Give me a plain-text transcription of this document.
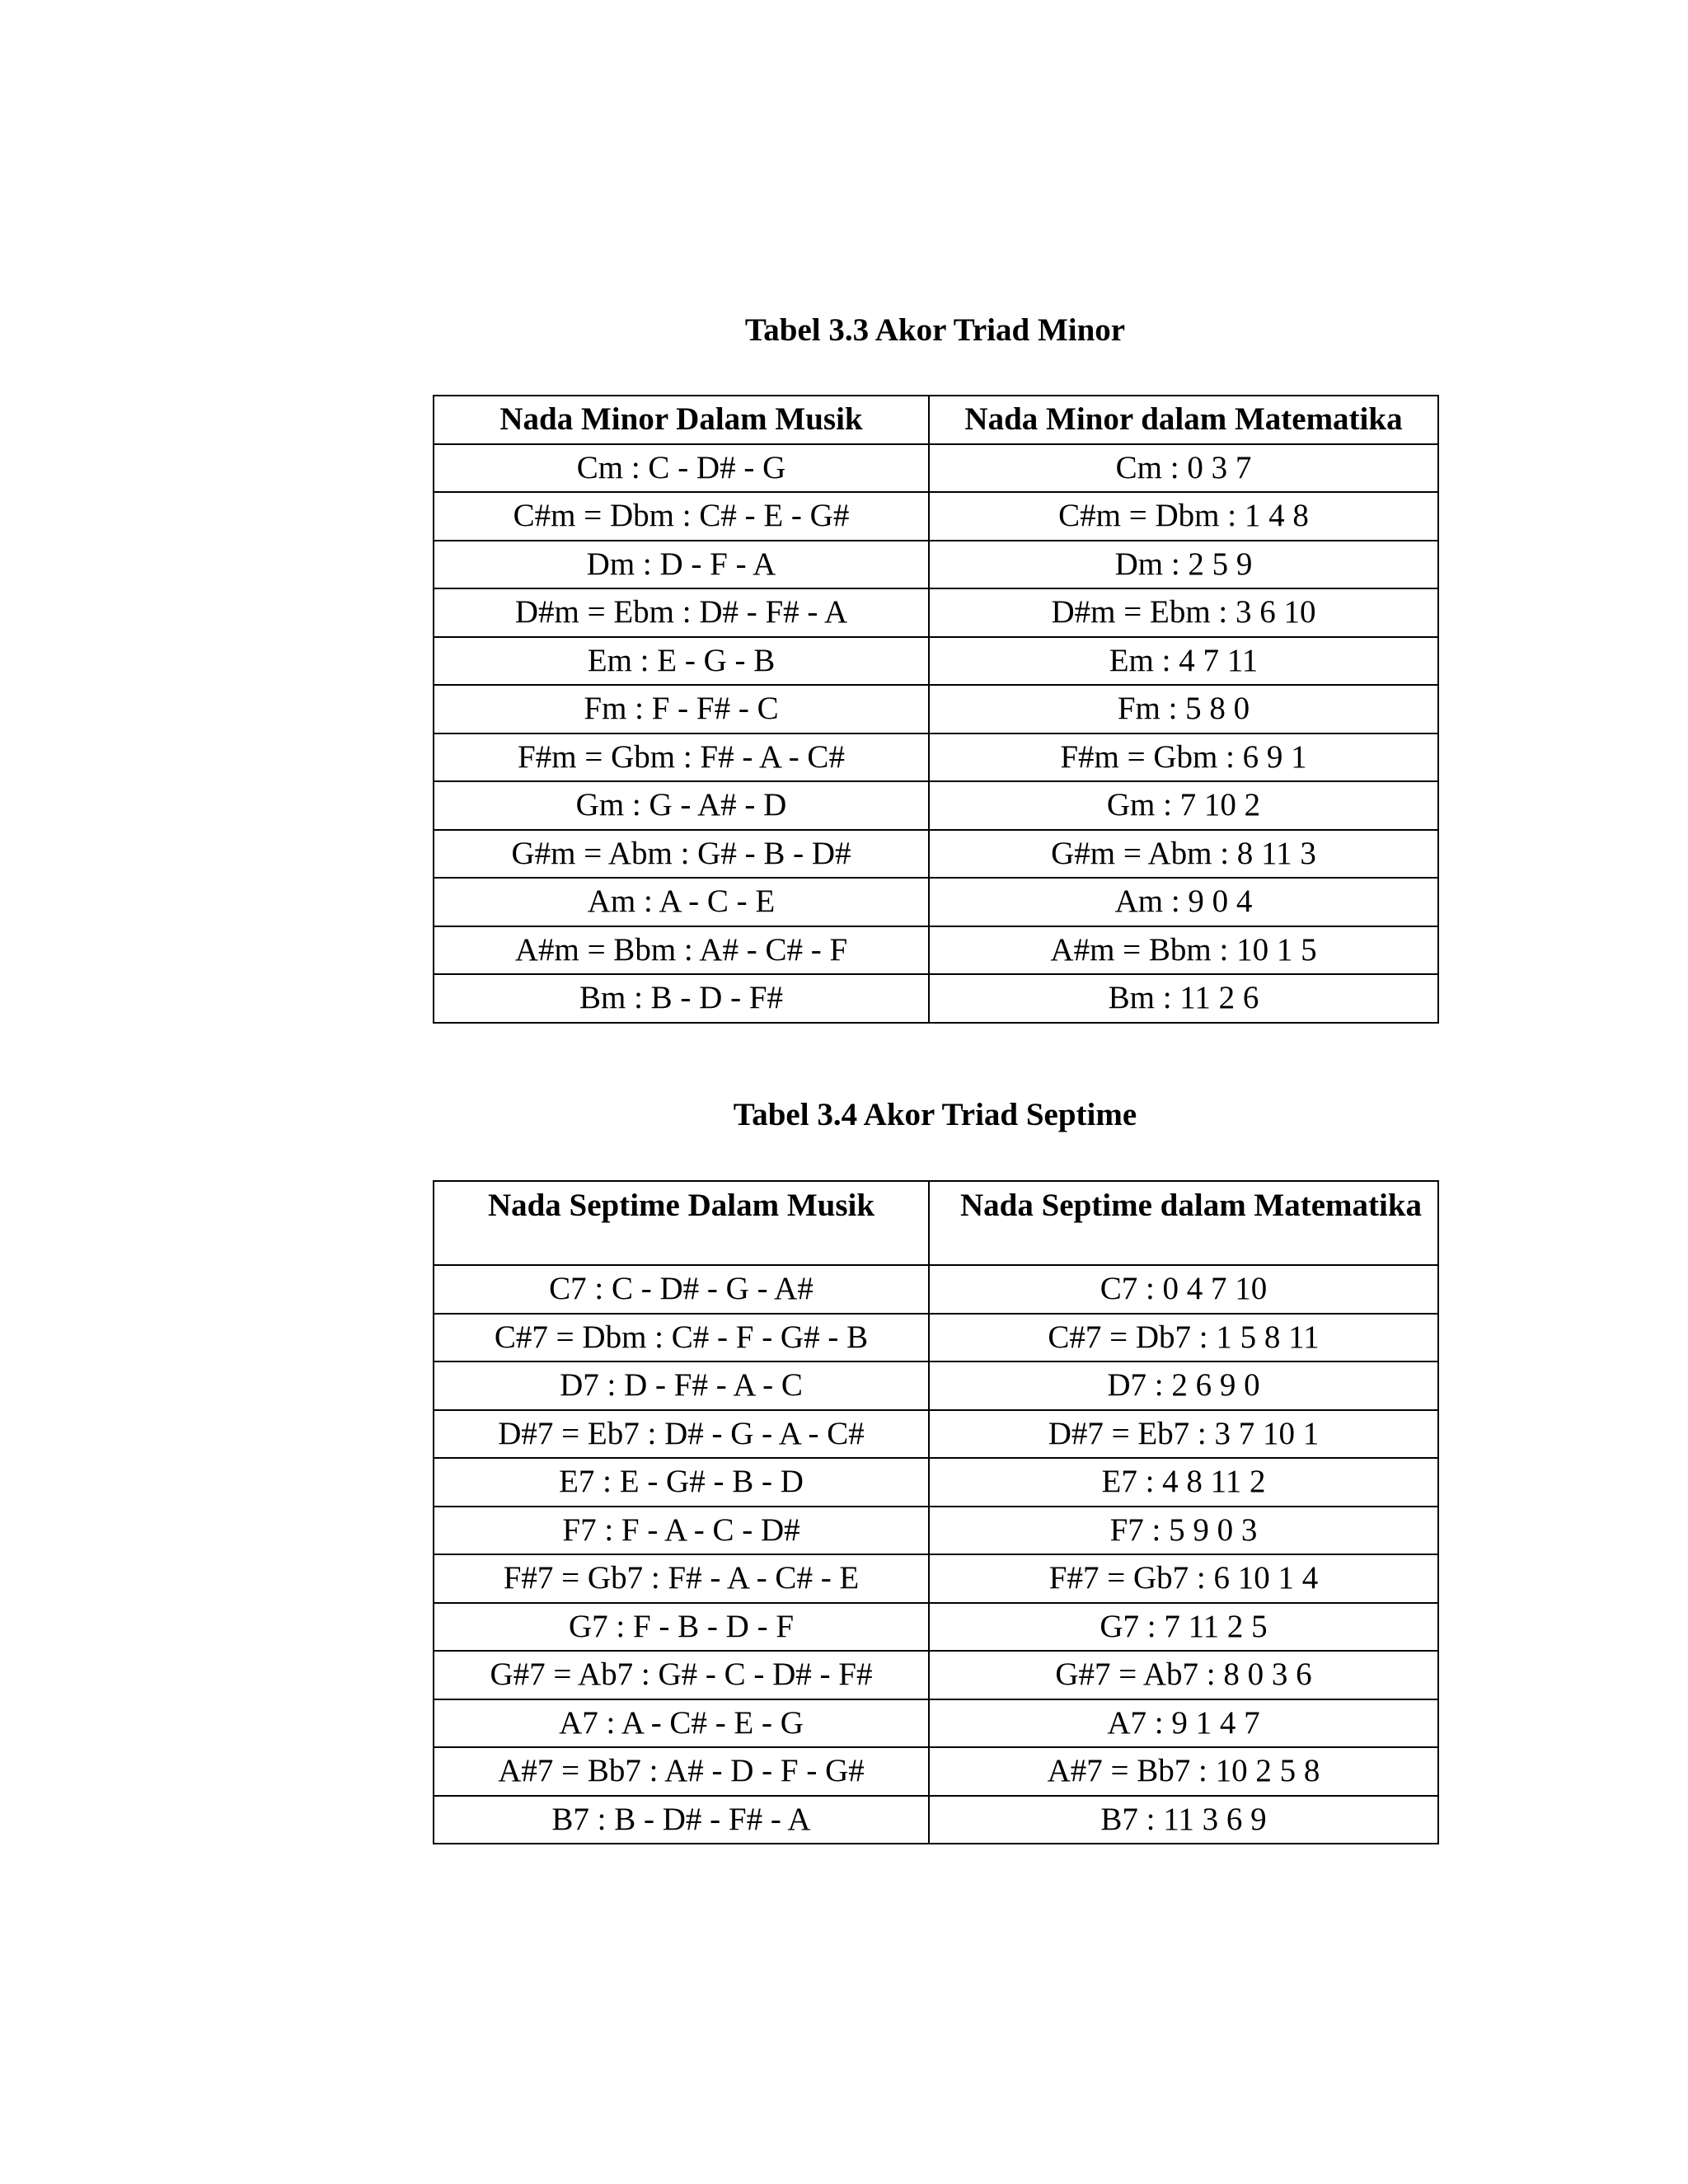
Tabel 3.3 Akor Triad Minor

Nada Minor Dalam Musik	Nada Minor dalam Matematika
Cm : C - D# - G	Cm : 0 3 7
C#m = Dbm : C# - E - G#	C#m = Dbm : 1 4 8
Dm : D - F - A	Dm : 2 5 9
D#m = Ebm : D# - F# - A	D#m = Ebm : 3 6 10
Em : E - G - B	Em : 4 7 11
Fm : F - F# - C	Fm : 5 8 0
F#m = Gbm : F# - A - C#	F#m = Gbm : 6 9 1
Gm : G - A# - D	Gm : 7 10 2
G#m = Abm : G# - B - D#	G#m = Abm : 8 11 3
Am : A - C - E	Am : 9 0 4
A#m = Bbm : A# - C# - F	A#m = Bbm : 10 1 5
Bm : B - D - F#	Bm : 11 2 6

Tabel 3.4 Akor Triad Septime

Nada Septime Dalam Musik	Nada Septime dalam Matematika
C7 : C - D# - G - A#	C7 : 0 4 7 10
C#7 = Dbm : C# - F - G# - B	C#7 = Db7 : 1 5 8 11
D7 : D - F# - A - C	D7 : 2 6 9 0
D#7 = Eb7 : D# - G - A - C#	D#7 = Eb7 : 3 7 10 1
E7 : E - G# - B - D	E7 : 4 8 11 2
F7 : F - A - C - D#	F7 : 5 9 0 3
F#7 = Gb7 : F# - A - C# - E	F#7 = Gb7 : 6 10 1 4
G7 : F - B - D - F	G7 : 7 11 2 5
G#7 = Ab7 : G# - C - D# - F#	G#7 = Ab7 : 8 0 3 6
A7 : A - C# - E - G	A7 : 9 1 4 7
A#7 = Bb7 : A# - D - F - G#	A#7 = Bb7 : 10 2 5 8
B7 : B - D# - F# - A	B7 : 11 3 6 9
